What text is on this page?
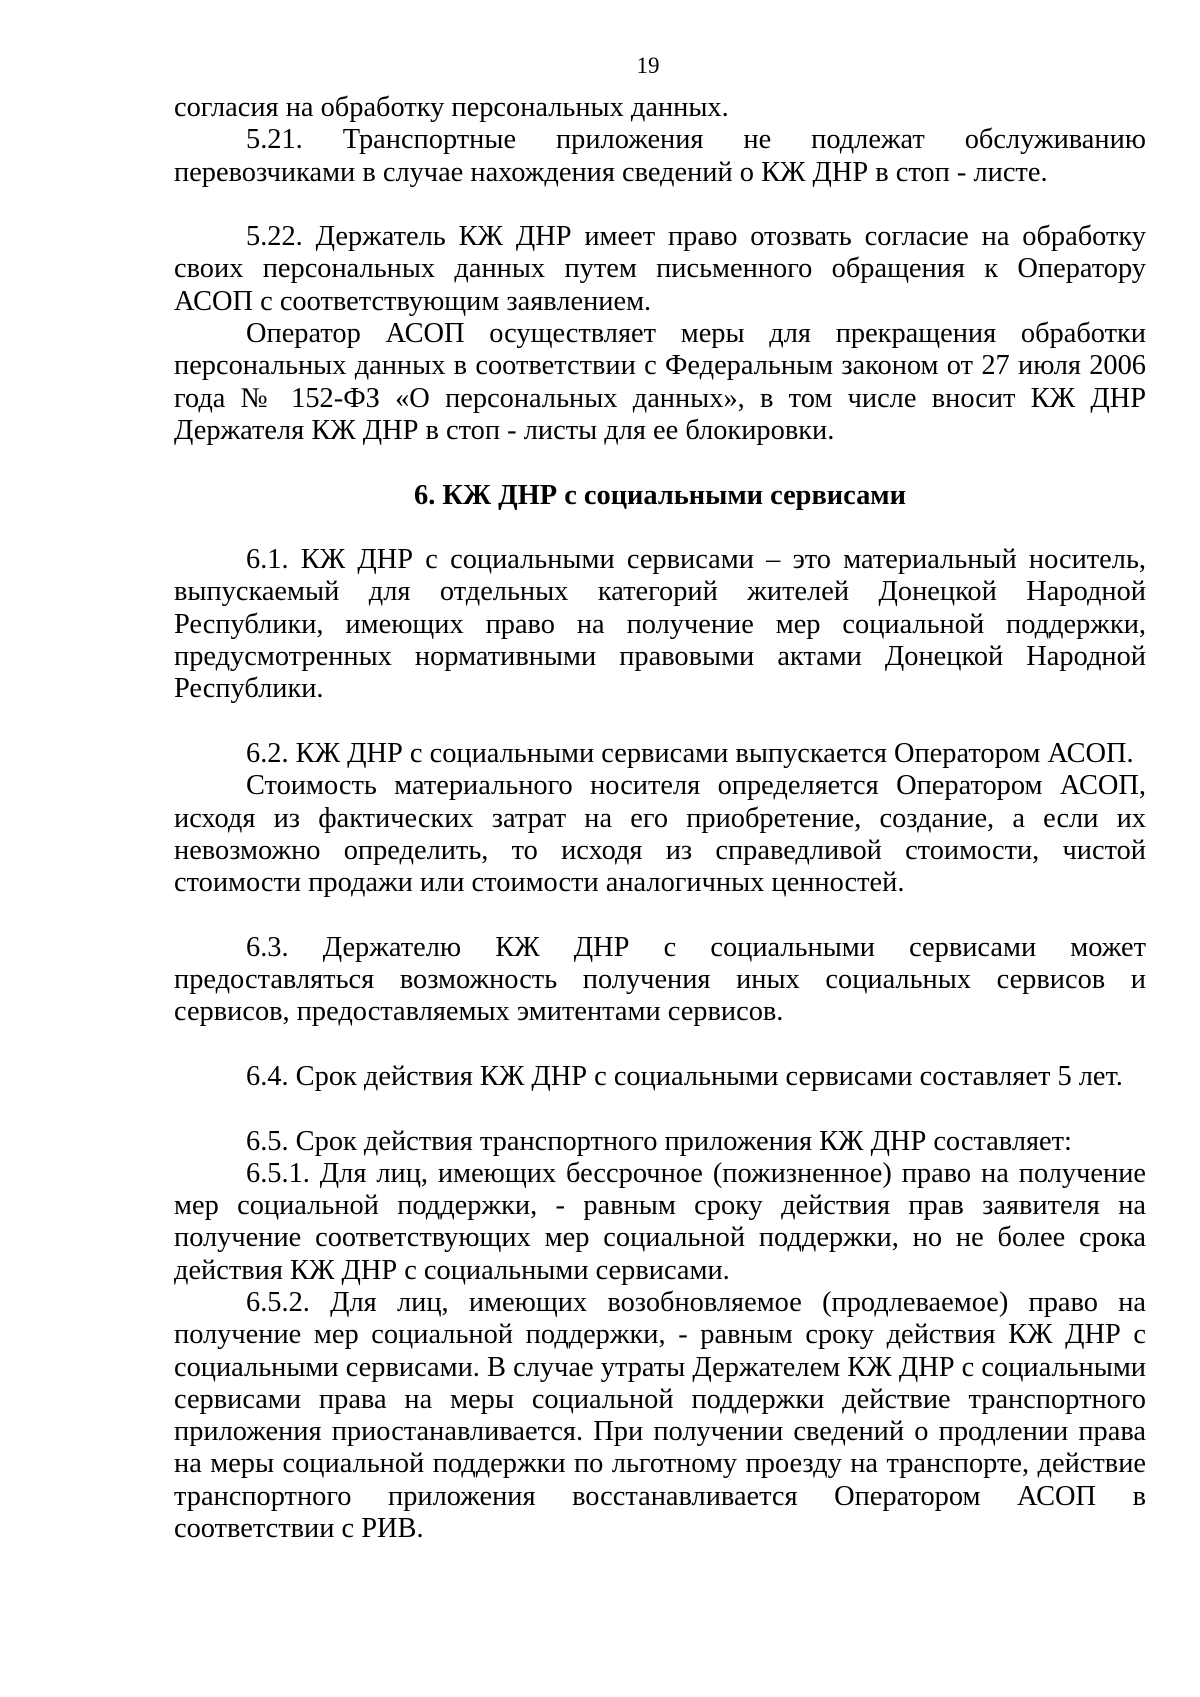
19

согласия на обработку персональных данных.

5.21. Транспортные приложения не подлежат обслуживанию перевозчиками в случае нахождения сведений о КЖ ДНР в стоп - листе.

5.22. Держатель КЖ ДНР имеет право отозвать согласие на обработку своих персональных данных путем письменного обращения к Оператору АСОП с соответствующим заявлением.

Оператор АСОП осуществляет меры для прекращения обработки персональных данных в соответствии с Федеральным законом от 27 июля 2006 года № 152-ФЗ «О персональных данных», в том числе вносит КЖ ДНР Держателя КЖ ДНР в стоп - листы для ее блокировки.

6. КЖ ДНР с социальными сервисами

6.1. КЖ ДНР с социальными сервисами – это материальный носитель, выпускаемый для отдельных категорий жителей Донецкой Народной Республики, имеющих право на получение мер социальной поддержки, предусмотренных нормативными правовыми актами Донецкой Народной Республики.

6.2. КЖ ДНР с социальными сервисами выпускается Оператором АСОП.

Стоимость материального носителя определяется Оператором АСОП, исходя из фактических затрат на его приобретение, создание, а если их невозможно определить, то исходя из справедливой стоимости, чистой стоимости продажи или стоимости аналогичных ценностей.

6.3. Держателю КЖ ДНР с социальными сервисами может предоставляться возможность получения иных социальных сервисов и сервисов, предоставляемых эмитентами сервисов.

6.4. Срок действия КЖ ДНР с социальными сервисами составляет 5 лет.

6.5. Срок действия транспортного приложения КЖ ДНР составляет:

6.5.1. Для лиц, имеющих бессрочное (пожизненное) право на получение мер социальной поддержки, - равным сроку действия прав заявителя на получение соответствующих мер социальной поддержки, но не более срока действия КЖ ДНР с социальными сервисами.

6.5.2. Для лиц, имеющих возобновляемое (продлеваемое) право на получение мер социальной поддержки, - равным сроку действия КЖ ДНР с социальными сервисами. В случае утраты Держателем КЖ ДНР с социальными сервисами права на меры социальной поддержки действие транспортного приложения приостанавливается. При получении сведений о продлении права на меры социальной поддержки по льготному проезду на транспорте, действие транспортного приложения восстанавливается Оператором АСОП в соответствии с РИВ.
